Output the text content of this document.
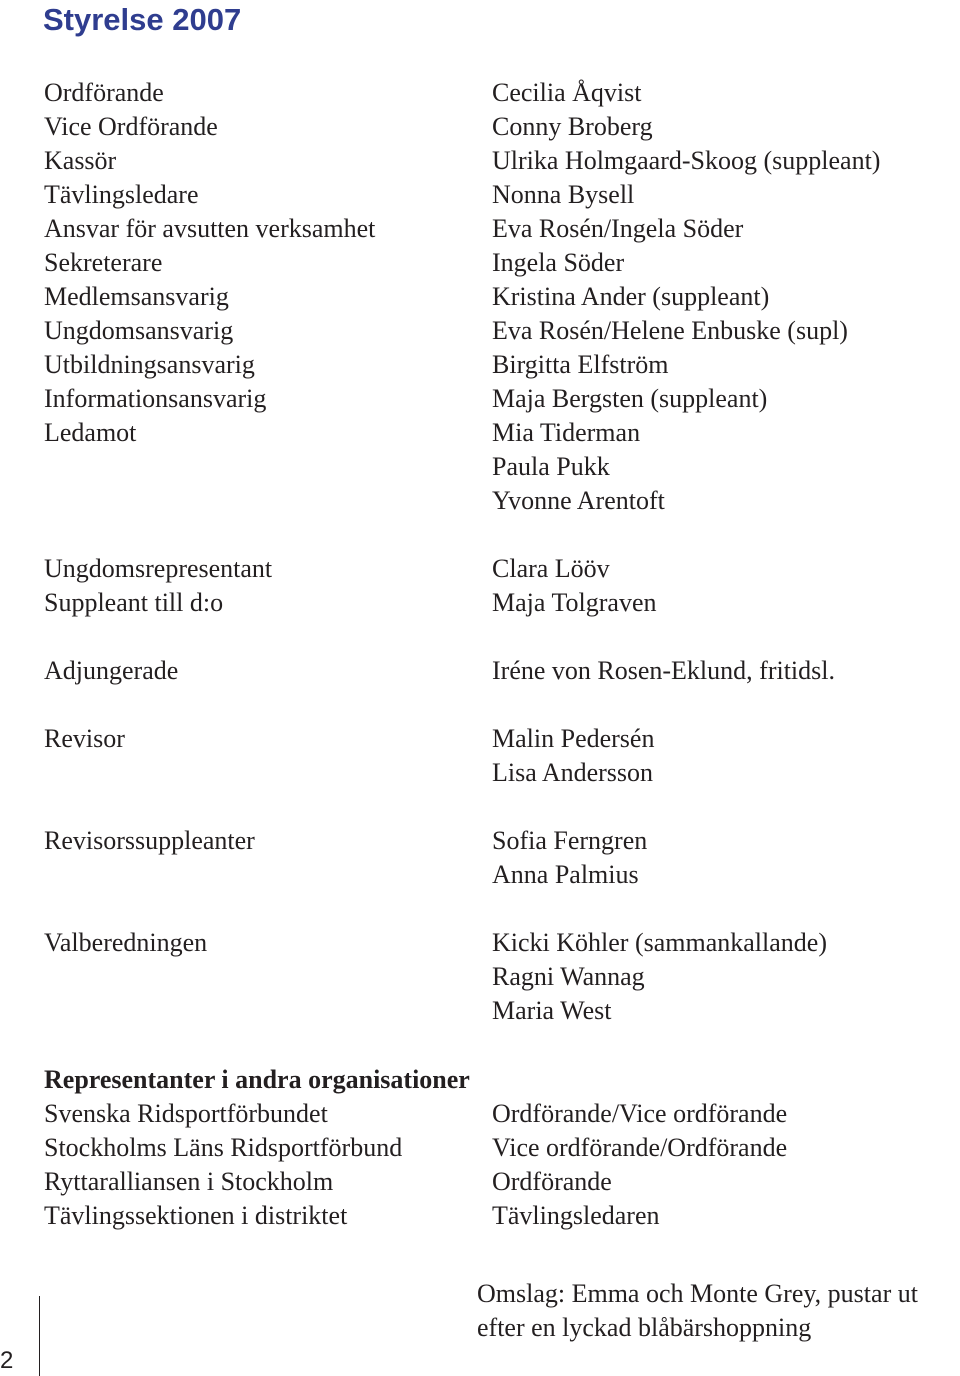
Styrelse 2007
Ordförande
Vice Ordförande
Kassör
Tävlingsledare
Ansvar för avsutten verksamhet
Sekreterare
Medlemsansvarig
Ungdomsansvarig
Utbildningsansvarig
Informationsansvarig
Ledamot
Ungdomsrepresentant
Suppleant till d:o
Adjungerade
Revisor
Revisorssuppleanter
Valberedningen
Cecilia Åqvist
Conny Broberg
Ulrika Holmgaard-Skoog (suppleant)
Nonna Bysell
Eva Rosén/Ingela Söder
Ingela Söder
Kristina Ander (suppleant)
Eva Rosén/Helene Enbuske (supl)
Birgitta Elfström
Maja Bergsten (suppleant)
Mia Tiderman
Paula Pukk
Yvonne Arentoft
Clara Lööv
Maja Tolgraven
Iréne von Rosen-Eklund, fritidsl.
Malin Pedersén
Lisa Andersson
Sofia Ferngren
Anna Palmius
Kicki Köhler (sammankallande)
Ragni Wannag
Maria West
Representanter i andra organisationer
Svenska Ridsportförbundet
Stockholms Läns Ridsportförbund
Ryttaralliansen i Stockholm
Tävlingssektionen i distriktet
Ordförande/Vice ordförande
Vice ordförande/Ordförande
Ordförande
Tävlingsledaren
Omslag: Emma och Monte Grey, pustar ut
efter en lyckad blåbärshoppning
2
